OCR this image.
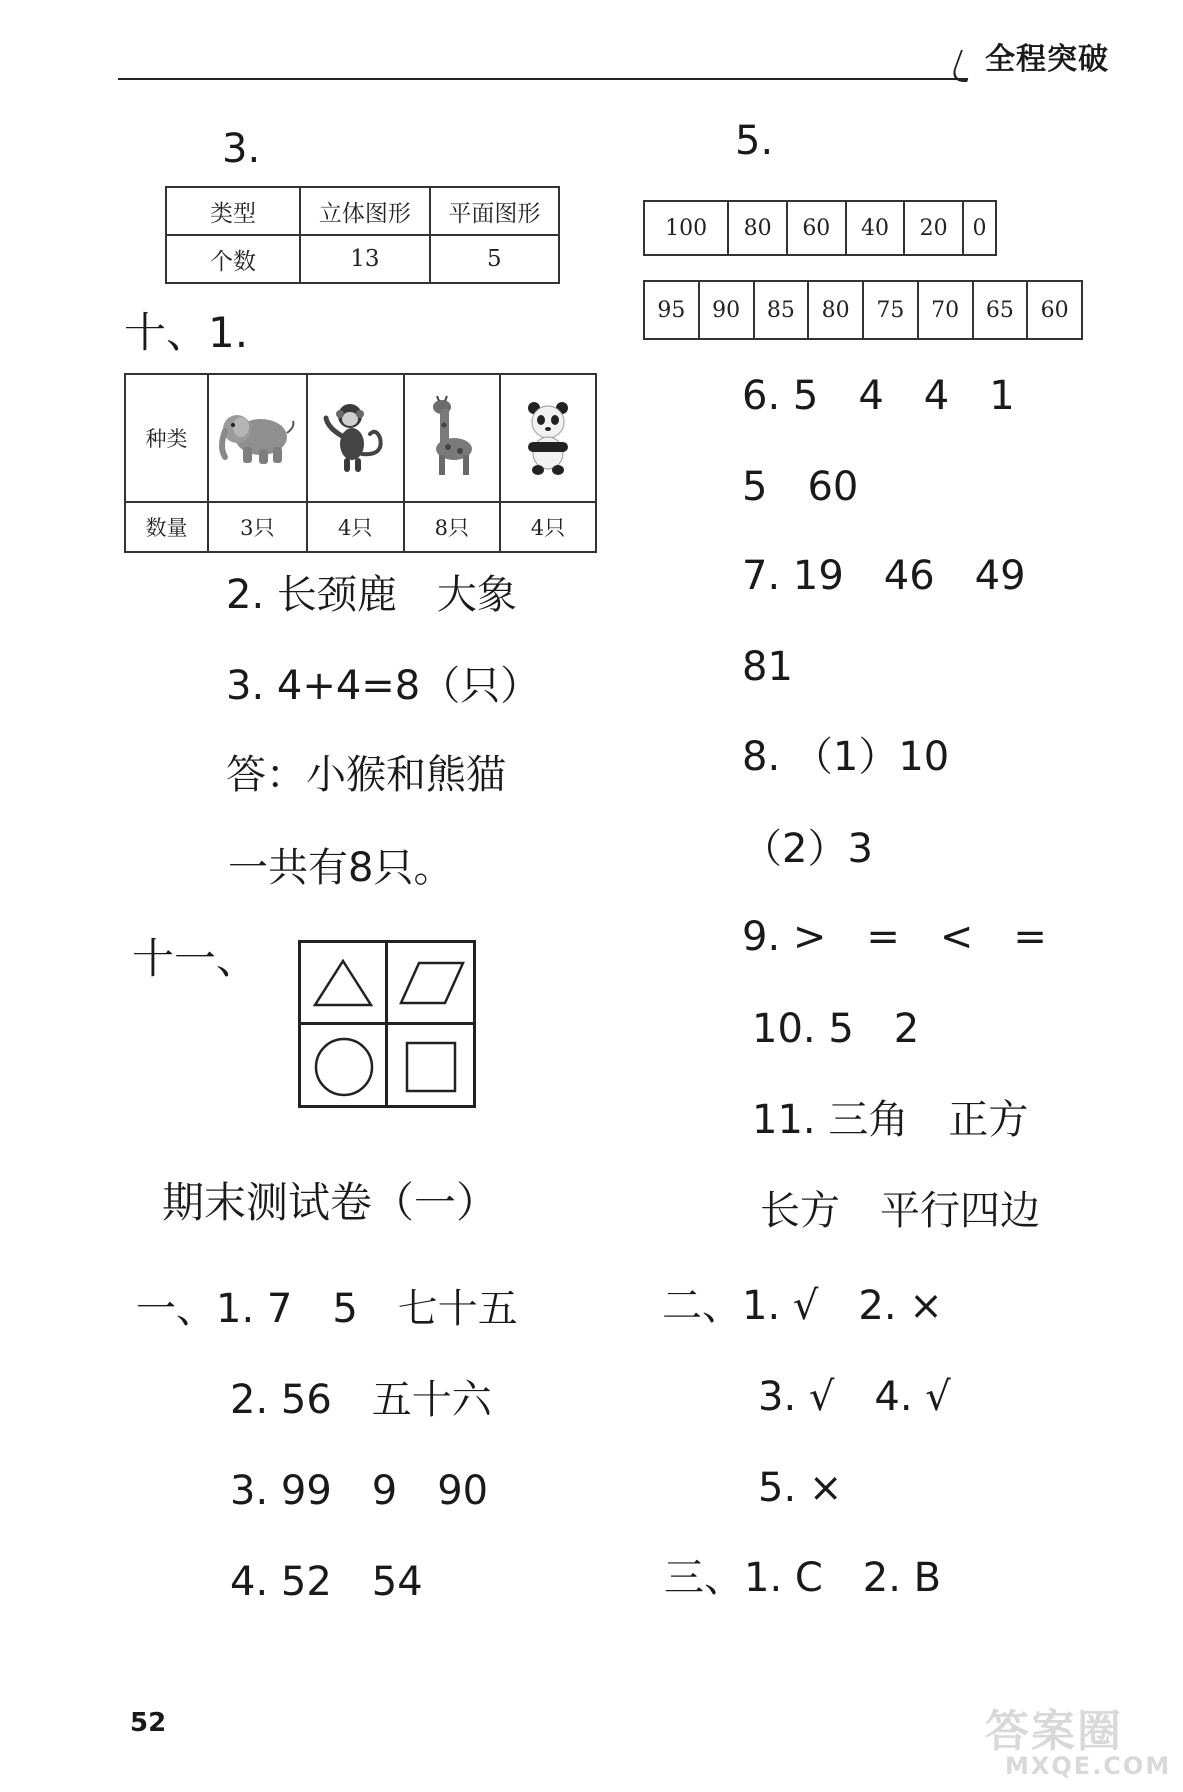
全程突破
3.
类型	立体图形	平面图形
个数	13	5
十、1.
种类	

数量	3只	4只	8只	4只
2. 长颈鹿　大象
3. 4+4=8（只）
答：小猴和熊猫
一共有8只。
十一、
期末测试卷（一）
一、1. 7　5　七十五
2. 56　五十六
3. 99　9　90
4. 52　54
5.
100	80	60	40	20	0
95	90	85	80	75	70	65	60
6. 5　4　4　1
5　60
7. 19　46　49
81
8. （1）10
（2）3
9. >　=　<　=
10. 5　2
11. 三角　正方
长方　平行四边
二、1. √　2. ×
3. √　4. √
5. ×
三、1. C　2. B
52	答案圈
MXQE.COM
